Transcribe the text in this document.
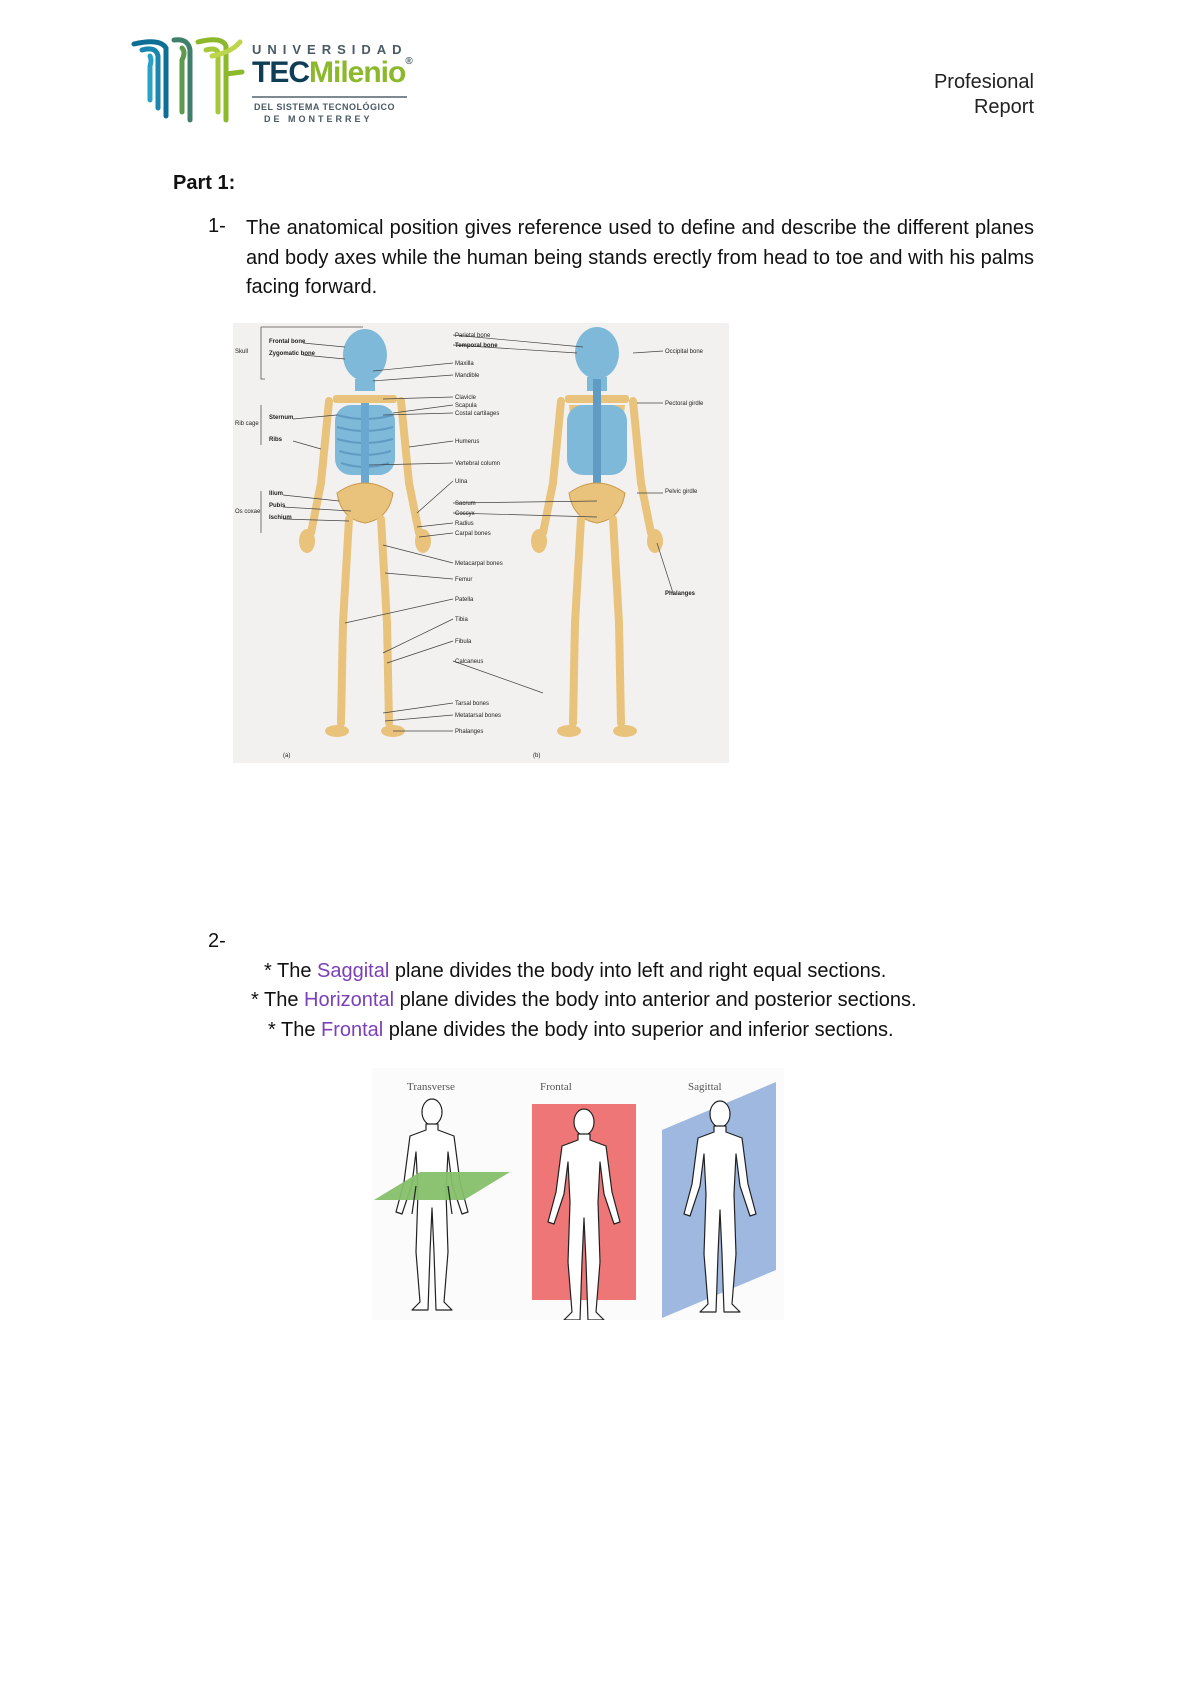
UNIVERSIDAD
TECMilenio®
DEL SISTEMA TECNOLÓGICO
DE MONTERREY
Profesional
Report
Part 1:
1- The anatomical position gives reference used to define and describe the different planes and body axes while the human being stands erectly from head to toe and with his palms facing forward.
Frontal bone
Zygomatic bone
Sternum
Ribs
Ilium
Pubis
Ischium
Skull
Rib cage
Os coxae
Parietal bone
Temporal bone
Maxilla
Mandible
Clavicle
Scapula
Costal cartilages
Humerus
Vertebral column
Ulna
Sacrum
Coccyx
Radius
Carpal bones
Metacarpal bones
Femur
Patella
Tibia
Fibula
Calcaneus
Tarsal bones
Metatarsal bones
Phalanges
Occipital bone
Pectoral girdle
Pelvic girdle
Phalanges
(a)	(b)
2-
* The Saggital plane divides the body into left and right equal sections.
* The Horizontal plane divides the body into anterior and posterior sections.
* The Frontal plane divides the body into superior and inferior sections.
Transverse	Frontal	Sagittal
